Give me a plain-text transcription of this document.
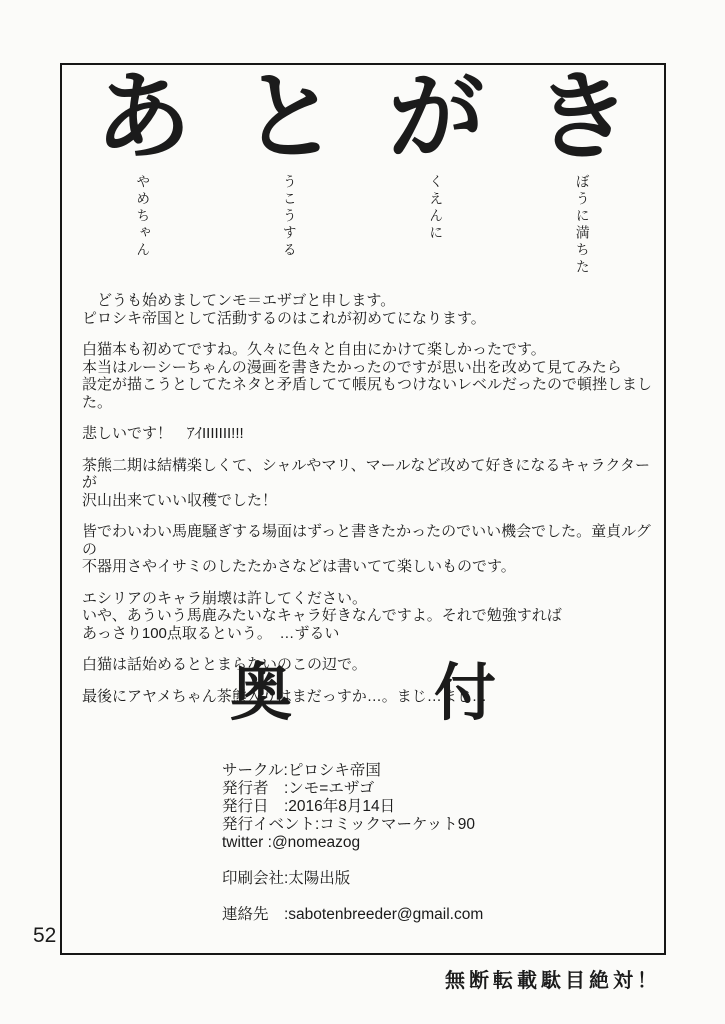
あ
やめちゃん
と
うこうする
が
くえんに
き
ぼうに満ちた

　どうも始めましてンモ＝エザゴと申します。
ピロシキ帝国として活動するのはこれが初めてになります。

白猫本も初めてですね。久々に色々と自由にかけて楽しかったです。
本当はルーシーちゃんの漫画を書きたかったのですが思い出を改めて見てみたら
設定が描こうとしてたネタと矛盾してて帳尻もつけないレベルだったので頓挫しました。

悲しいです！　ｱｲIIIIIII!!!

茶熊二期は結構楽しくて、シャルやマリ、マールなど改めて好きになるキャラクターが
沢山出来ていい収穫でした！

皆でわいわい馬鹿騒ぎする場面はずっと書きたかったのでいい機会でした。童貞ルグの
不器用さやイサミのしたたかさなどは書いてて楽しいものです。

エシリアのキャラ崩壊は許してください。
いや、あういう馬鹿みたいなキャラ好きなんですよ。それで勉強すれば
あっさり100点取るという。　…ずるい

白猫は話始めるととまらないのこの辺で。

最後にアヤメちゃん茶熊入りはまだっすか…。まじ…まじ…

奥 付
サークル:ピロシキ帝国
発行者　:ンモ=エザゴ
発行日　:2016年8月14日
発行イベント:コミックマーケット90
twitter :@nomeazog
印刷会社:太陽出版
連絡先　:sabotenbreeder@gmail.com
52
無断転載駄目絶対！
